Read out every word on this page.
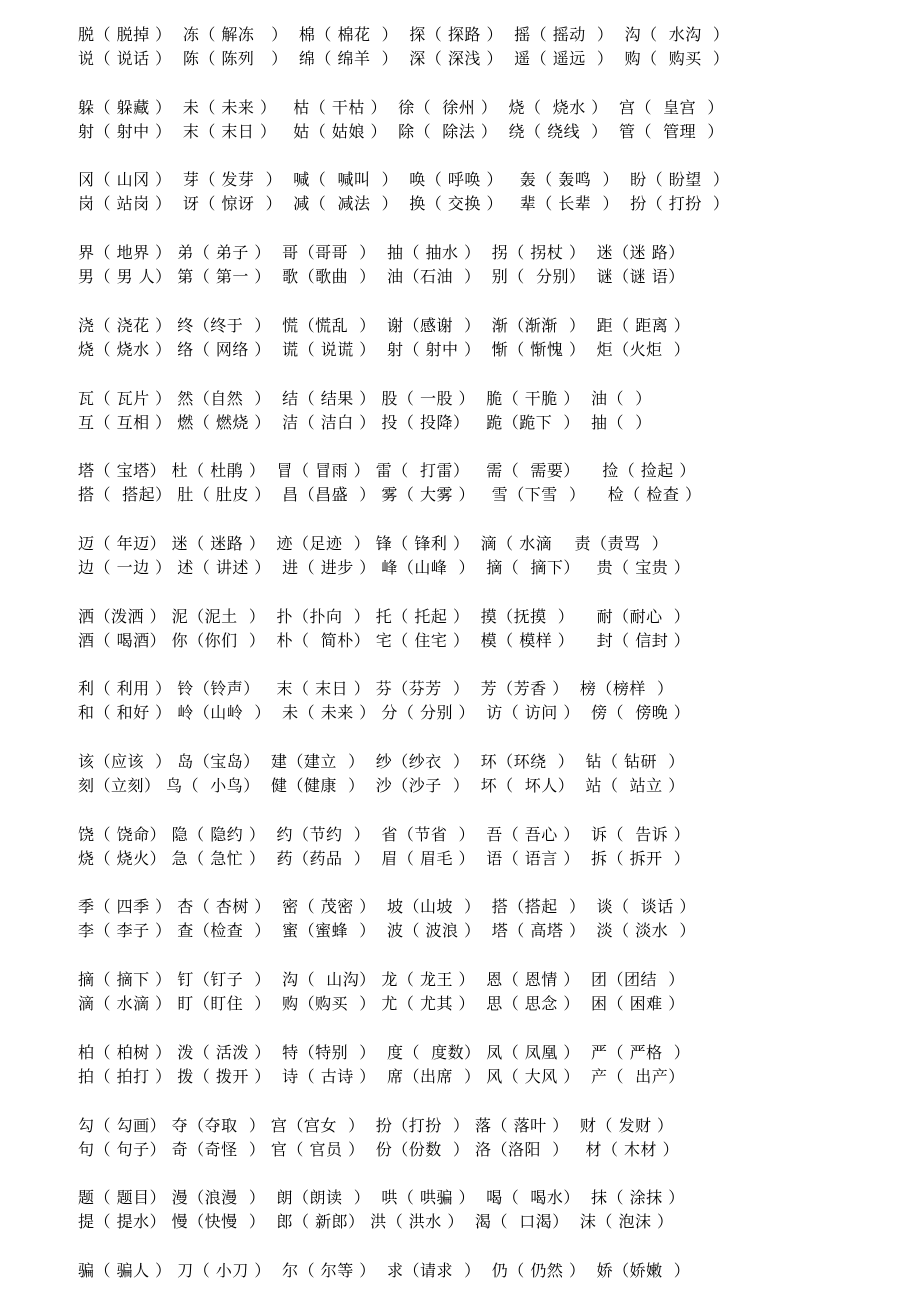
脱（ 脱掉 ）  冻（ 解冻   ）  棉（ 棉花  ）  探（ 探路 ）  摇（ 摇动  ）  沟（  水沟  ）
说（ 说话 ）  陈（ 陈列   ）  绵（ 绵羊  ）  深（ 深浅 ）  遥（ 遥远  ）  购（  购买  ）
躲（ 躲藏 ）  未（ 未来 ）   枯（ 干枯 ）  徐（  徐州 ）  烧（  烧水 ）  宫（  皇宫  ）
射（ 射中 ）  末（ 末日 ）   姑（ 姑娘 ）  除（  除法 ）  绕（ 绕线  ）  管（  管理  ）
冈（ 山冈 ）  芽（ 发芽  ）  喊（  喊叫  ）  唤（ 呼唤 ）   轰（ 轰鸣  ）  盼（ 盼望  ）
岗（ 站岗 ）  讶（ 惊讶  ）  减（  减法  ）  换（ 交换 ）   辈（ 长辈  ）  扮（ 打扮  ）
界（ 地界 ） 弟（ 弟子 ）  哥（哥哥  ）  抽（ 抽水 ）  拐（ 拐杖 ）  迷（迷 路）
男（ 男 人） 第（ 第一 ）  歌（歌曲  ）  油（石油  ）  别（  分别）  谜（谜 语）
浇（ 浇花 ） 终（终于  ）  慌（慌乱  ）  谢（感谢  ）  渐（渐渐  ）  距（ 距离 ）
烧（ 烧水 ） 络（ 网络 ）  谎（ 说谎 ）  射（ 射中 ）  惭（ 惭愧 ）  炬（火炬  ）
瓦（ 瓦片 ） 然（自然  ）  结（ 结果 ） 股（ 一股 ）  脆（ 干脆 ）  油（  ）
互（ 互相 ） 燃（ 燃烧 ）  洁（ 洁白 ） 投（ 投降）   跪（跪下  ）  抽（  ）
塔（ 宝塔） 杜（ 杜鹃 ）  冒（ 冒雨 ） 雷（  打雷）   需（  需要）    捡（ 捡起 ）
搭（  搭起） 肚（ 肚皮 ）  昌（昌盛  ） 雾（ 大雾 ）   雪（下雪  ）    检（ 检查 ）
迈（ 年迈） 迷（ 迷路 ）  迹（足迹  ） 锋（ 锋利 ）  滴（ 水滴    责（责骂  ）
边（ 一边 ） 述（ 讲述 ）  进（ 进步 ） 峰（山峰  ）  摘（  摘下）   贵（ 宝贵 ）
洒（泼洒 ） 泥（泥土  ）  扑（扑向  ） 托（ 托起 ）  摸（抚摸  ）    耐（耐心  ）
酒（ 喝酒） 你（你们  ）  朴（  简朴） 宅（ 住宅 ）  模（ 模样 ）    封（ 信封 ）
利（ 利用 ） 铃（铃声）   末（ 末日 ） 芬（芬芳  ）  芳（芳香 ）  榜（榜样  ）
和（ 和好 ） 岭（山岭  ）  未（ 未来 ） 分（ 分别 ）  访（ 访问 ）  傍（  傍晚 ）
该（应该  ） 岛（宝岛）  建（建立  ）  纱（纱衣  ）  环（环绕  ）  钻（ 钻研  ）
刻（立刻） 鸟（  小鸟）  健（健康  ）  沙（沙子  ）  坏（  坏人）  站（  站立 ）
饶（ 饶命） 隐（ 隐约 ）  约（节约  ）  省（节省  ）  吾（ 吾心 ）  诉（  告诉 ）
烧（ 烧火） 急（ 急忙 ）  药（药品  ）  眉（ 眉毛 ）  语（ 语言 ）  拆（ 拆开  ）
季（ 四季 ） 杏（ 杏树 ）  密（ 茂密 ）  坡（山坡  ）  搭（搭起  ）  谈（  谈话 ）
李（ 李子 ） 查（检查  ）  蜜（蜜蜂  ）  波（ 波浪 ）  塔（ 高塔 ）  淡（ 淡水  ）
摘（ 摘下 ） 钉（钉子  ）  沟（  山沟） 龙（ 龙王 ）  恩（ 恩情 ）  团（团结  ）
滴（ 水滴 ） 盯（盯住  ）  购（购买  ） 尤（ 尤其 ）  思（ 思念 ）  困（ 困难 ）
柏（ 柏树 ） 泼（ 活泼 ）  特（特别  ）  度（  度数） 凤（ 凤凰 ）  严（ 严格  ）
拍（ 拍打 ） 拨（ 拨开 ）  诗（ 古诗 ）  席（出席  ） 风（ 大风 ）  产（  出产）
勾（ 勾画） 夺（夺取  ） 宫（宫女  ）  扮（打扮  ） 落（ 落叶 ）  财（ 发财 ）
句（ 句子） 奇（奇怪  ） 官（ 官员 ）  份（份数  ） 洛（洛阳  ）   材（ 木材 ）
题（ 题目） 漫（浪漫  ）  朗（朗读  ）  哄（ 哄骗 ）  喝（  喝水）  抹（ 涂抹 ）
提（ 提水） 慢（快慢  ）  郎（ 新郎） 洪（ 洪水 ）  渴（  口渴）  沫（ 泡沫 ）
骗（ 骗人 ） 刀（ 小刀 ）  尔（ 尔等 ）  求（请求  ）  仍（ 仍然 ）  娇（娇嫩  ）
